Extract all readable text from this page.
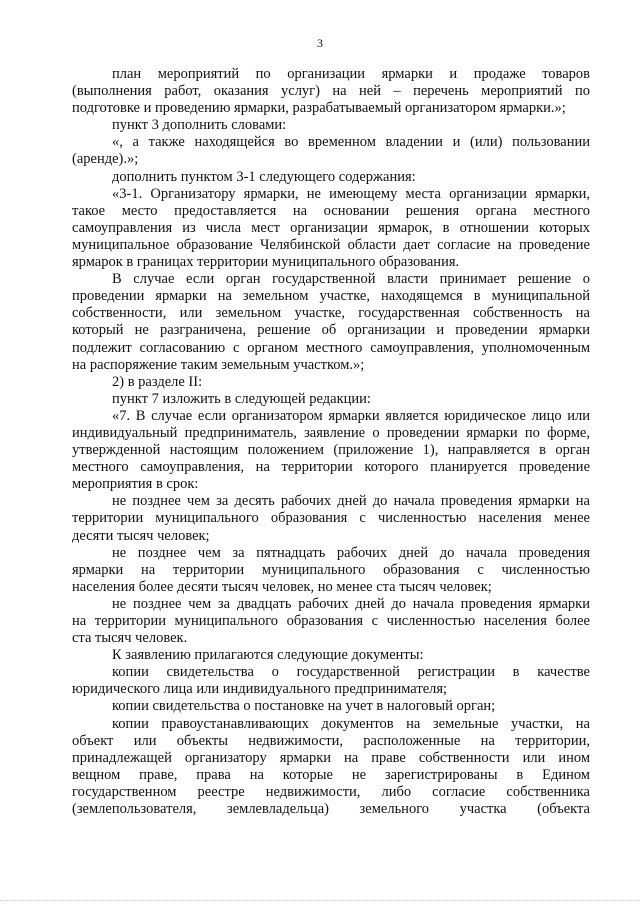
3
план мероприятий по организации ярмарки и продаже товаров
(выполнения работ, оказания услуг) на ней – перечень мероприятий по
подготовке и проведению ярмарки, разрабатываемый организатором ярмарки.»;
пункт 3 дополнить словами:
«, а также находящейся во временном владении и (или) пользовании
(аренде).»;
дополнить пунктом 3-1 следующего содержания:
«3-1. Организатору ярмарки, не имеющему места организации ярмарки,
такое место предоставляется на основании решения органа местного
самоуправления из числа мест организации ярмарок, в отношении которых
муниципальное образование Челябинской области дает согласие на проведение
ярмарок в границах территории муниципального образования.
В случае если орган государственной власти принимает решение о
проведении ярмарки на земельном участке, находящемся в муниципальной
собственности, или земельном участке, государственная собственность на
который не разграничена, решение об организации и проведении ярмарки
подлежит согласованию с органом местного самоуправления, уполномоченным
на распоряжение таким земельным участком.»;
2) в разделе II:
пункт 7 изложить в следующей редакции:
«7. В случае если организатором ярмарки является юридическое лицо или
индивидуальный предприниматель, заявление о проведении ярмарки по форме,
утвержденной настоящим положением (приложение 1), направляется в орган
местного самоуправления, на территории которого планируется проведение
мероприятия в срок:
не позднее чем за десять рабочих дней до начала проведения ярмарки на
территории муниципального образования с численностью населения менее
десяти тысяч человек;
не позднее чем за пятнадцать рабочих дней до начала проведения
ярмарки на территории муниципального образования с численностью
населения более десяти тысяч человек, но менее ста тысяч человек;
не позднее чем за двадцать рабочих дней до начала проведения ярмарки
на территории муниципального образования с численностью населения более
ста тысяч человек.
К заявлению прилагаются следующие документы:
копии свидетельства о государственной регистрации в качестве
юридического лица или индивидуального предпринимателя;
копии свидетельства о постановке на учет в налоговый орган;
копии правоустанавливающих документов на земельные участки, на
объект или объекты недвижимости, расположенные на территории,
принадлежащей организатору ярмарки на праве собственности или ином
вещном праве, права на которые не зарегистрированы в Едином
государственном реестре недвижимости, либо согласие собственника
(землепользователя, землевладельца) земельного участка (объекта
